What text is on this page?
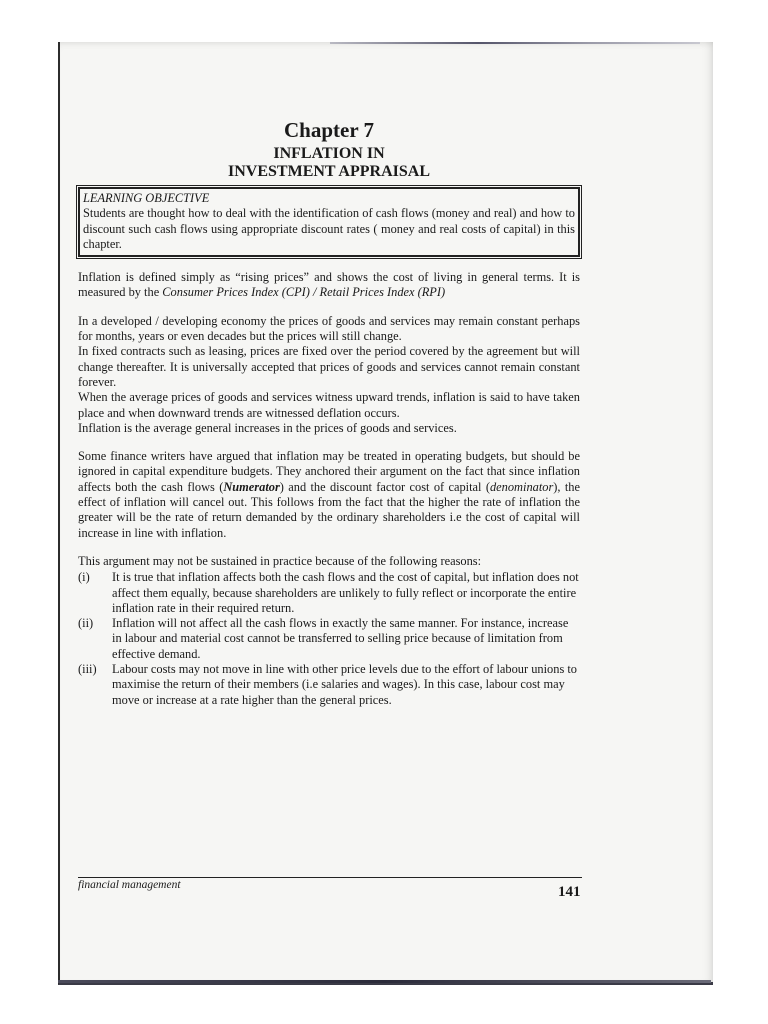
Chapter 7
INFLATION IN
INVESTMENT APPRAISAL
LEARNING OBJECTIVE
Students are thought how to deal with the identification of cash flows (money and real) and how to discount such cash flows using appropriate discount rates ( money and real costs of capital) in this chapter.

Inflation is defined simply as “rising prices” and shows the cost of living in general terms. It is measured by the Consumer Prices Index (CPI) / Retail Prices Index (RPI)

In a developed / developing economy the prices of goods and services may remain constant perhaps for months, years or even decades but the prices will still change.

In fixed contracts such as leasing, prices are fixed over the period covered by the agreement but will change thereafter. It is universally accepted that prices of goods and services cannot remain constant forever.

When the average prices of goods and services witness upward trends, inflation is said to have taken place and when downward trends are witnessed deflation occurs.

Inflation is the average general increases in the prices of goods and services.

Some finance writers have argued that inflation may be treated in operating budgets, but should be ignored in capital expenditure budgets. They anchored their argument on the fact that since inflation affects both the cash flows (Numerator) and the discount factor cost of capital (denominator), the effect of inflation will cancel out. This follows from the fact that the higher the rate of inflation the greater will be the rate of return demanded by the ordinary shareholders i.e the cost of capital will increase in line with inflation.

This argument may not be sustained in practice because of the following reasons:

(i)	It is true that inflation affects both the cash flows and the cost of capital, but inflation does not affect them equally, because shareholders are unlikely to fully reflect or incorporate the entire inflation rate in their required return.
(ii)	Inflation will not affect all the cash flows in exactly the same manner. For instance, increase in labour and material cost cannot be transferred to selling price because of limitation from effective demand.
(iii)	Labour costs may not move in line with other price levels due to the effort of labour unions to maximise the return of their members (i.e salaries and wages). In this case, labour cost may move or increase at a rate higher than the general prices.
financial management	141
